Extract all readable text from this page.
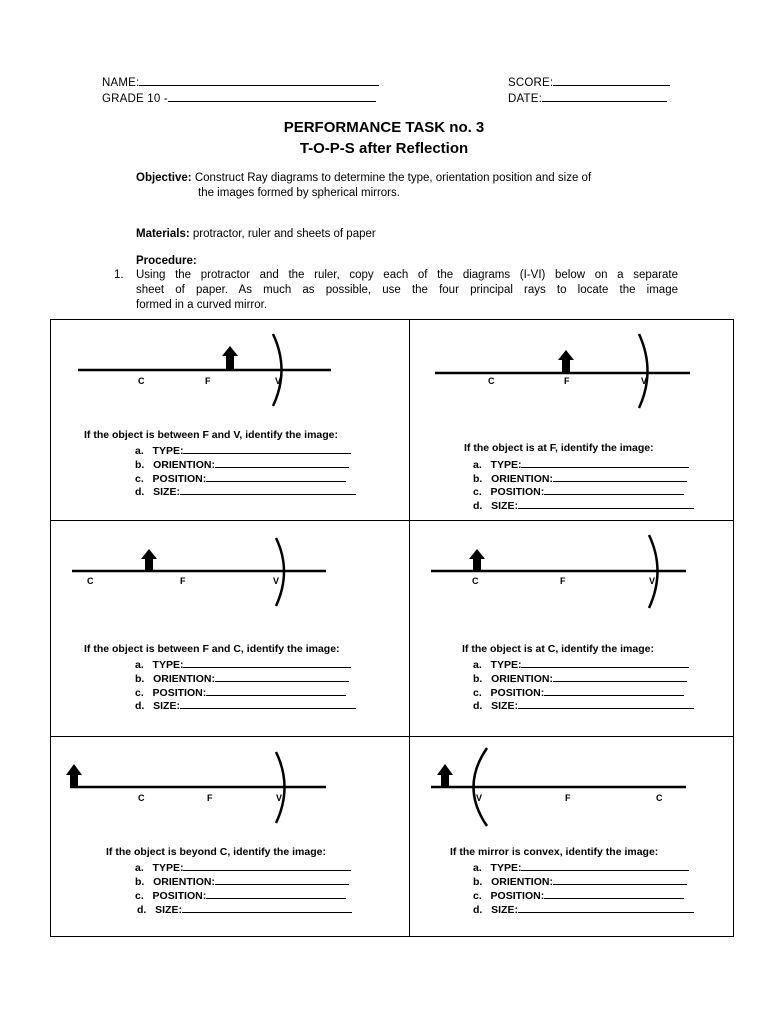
NAME:
GRADE 10 -
SCORE:
DATE:
PERFORMANCE TASK no. 3
T-O-P-S after Reflection
Objective: Construct Ray diagrams to determine the type, orientation position and size of
the images formed by spherical mirrors.
Materials: protractor, ruler and sheets of paper
Procedure:
1. Using the protractor and the ruler, copy each of the diagrams (I-VI) below on a separate
sheet of paper. As much as possible, use the four principal rays to locate the image
formed in a curved mirror.
C	F	V	C	F	V
C	F	V	C	F	V
C	F	V	V	F	C
If the object is between F and V, identify the image:
a. TYPE:
b. ORIENTION:
c. POSITION:
d. SIZE:
If the object is at F, identify the image:
a. TYPE:
b. ORIENTION:
c. POSITION:
d. SIZE:
If the object is between F and C, identify the image:
a. TYPE:
b. ORIENTION:
c. POSITION:
d. SIZE:
If the object is at C, identify the image:
a. TYPE:
b. ORIENTION:
c. POSITION:
d. SIZE:
If the object is beyond C, identify the image:
a. TYPE:
b. ORIENTION:
c. POSITION:
d. SIZE:
If the mirror is convex, identify the image:
a. TYPE:
b. ORIENTION:
c. POSITION:
d. SIZE:
